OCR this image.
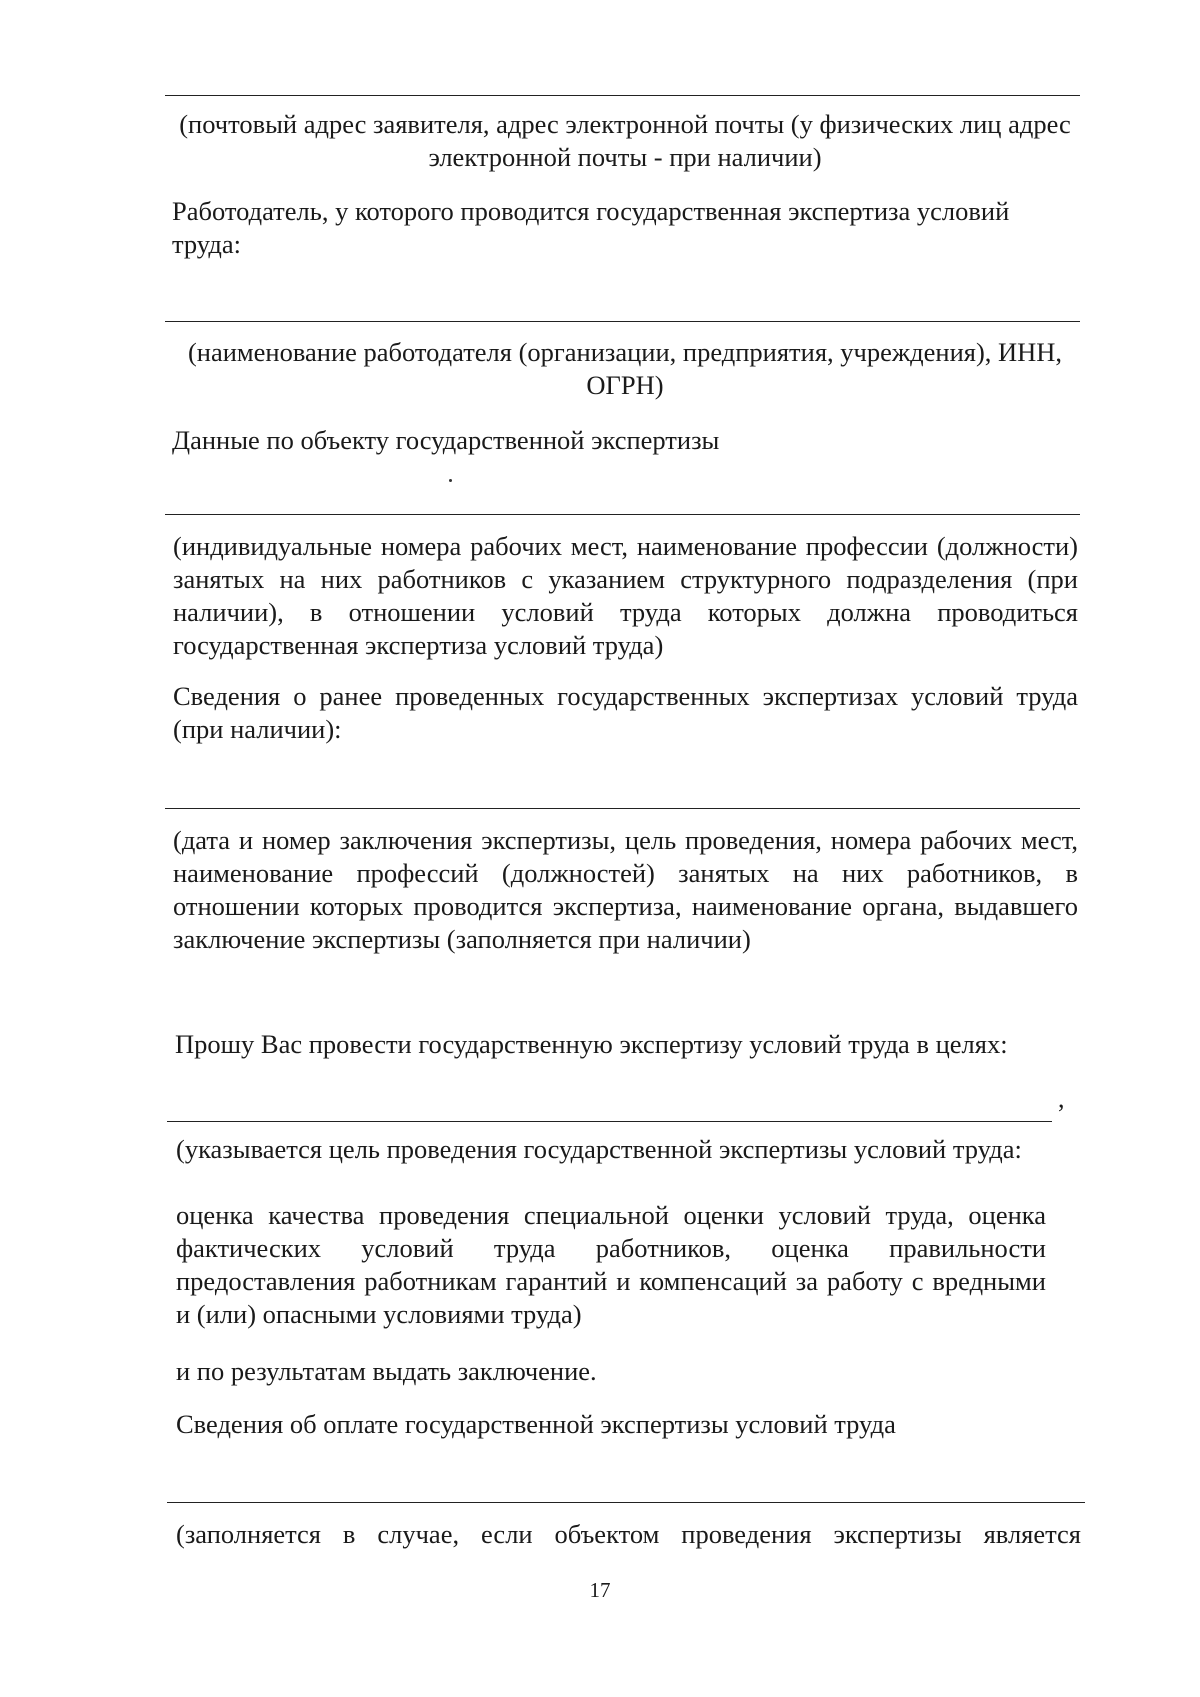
(почтовый адрес заявителя, адрес электронной почты (у физических лиц адрес электронной почты - при наличии)

Работодатель, у которого проводится государственная экспертиза условий труда:

(наименование работодателя (организации, предприятия, учреждения), ИНН, ОГРН)

Данные по объекту государственной экспертизы

(индивидуальные номера рабочих мест, наименование профессии (должности) занятых на них работников с указанием структурного подразделения (при наличии), в отношении условий труда которых должна проводиться государственная экспертиза условий труда)

Сведения о ранее проведенных государственных экспертизах условий труда (при наличии):

(дата и номер заключения экспертизы, цель проведения, номера рабочих мест, наименование профессий (должностей) занятых на них работников, в отношении которых проводится экспертиза, наименование органа, выдавшего заключение экспертизы (заполняется при наличии)

Прошу Вас провести государственную экспертизу условий труда в целях:

,

(указывается цель проведения государственной экспертизы условий труда:

оценка качества проведения специальной оценки условий труда, оценка фактических условий труда работников, оценка правильности предоставления работникам гарантий и компенсаций за работу с вредными и (или) опасными условиями труда)

и по результатам выдать заключение.

Сведения об оплате государственной экспертизы условий труда

(заполняется в случае, если объектом проведения экспертизы является

17
